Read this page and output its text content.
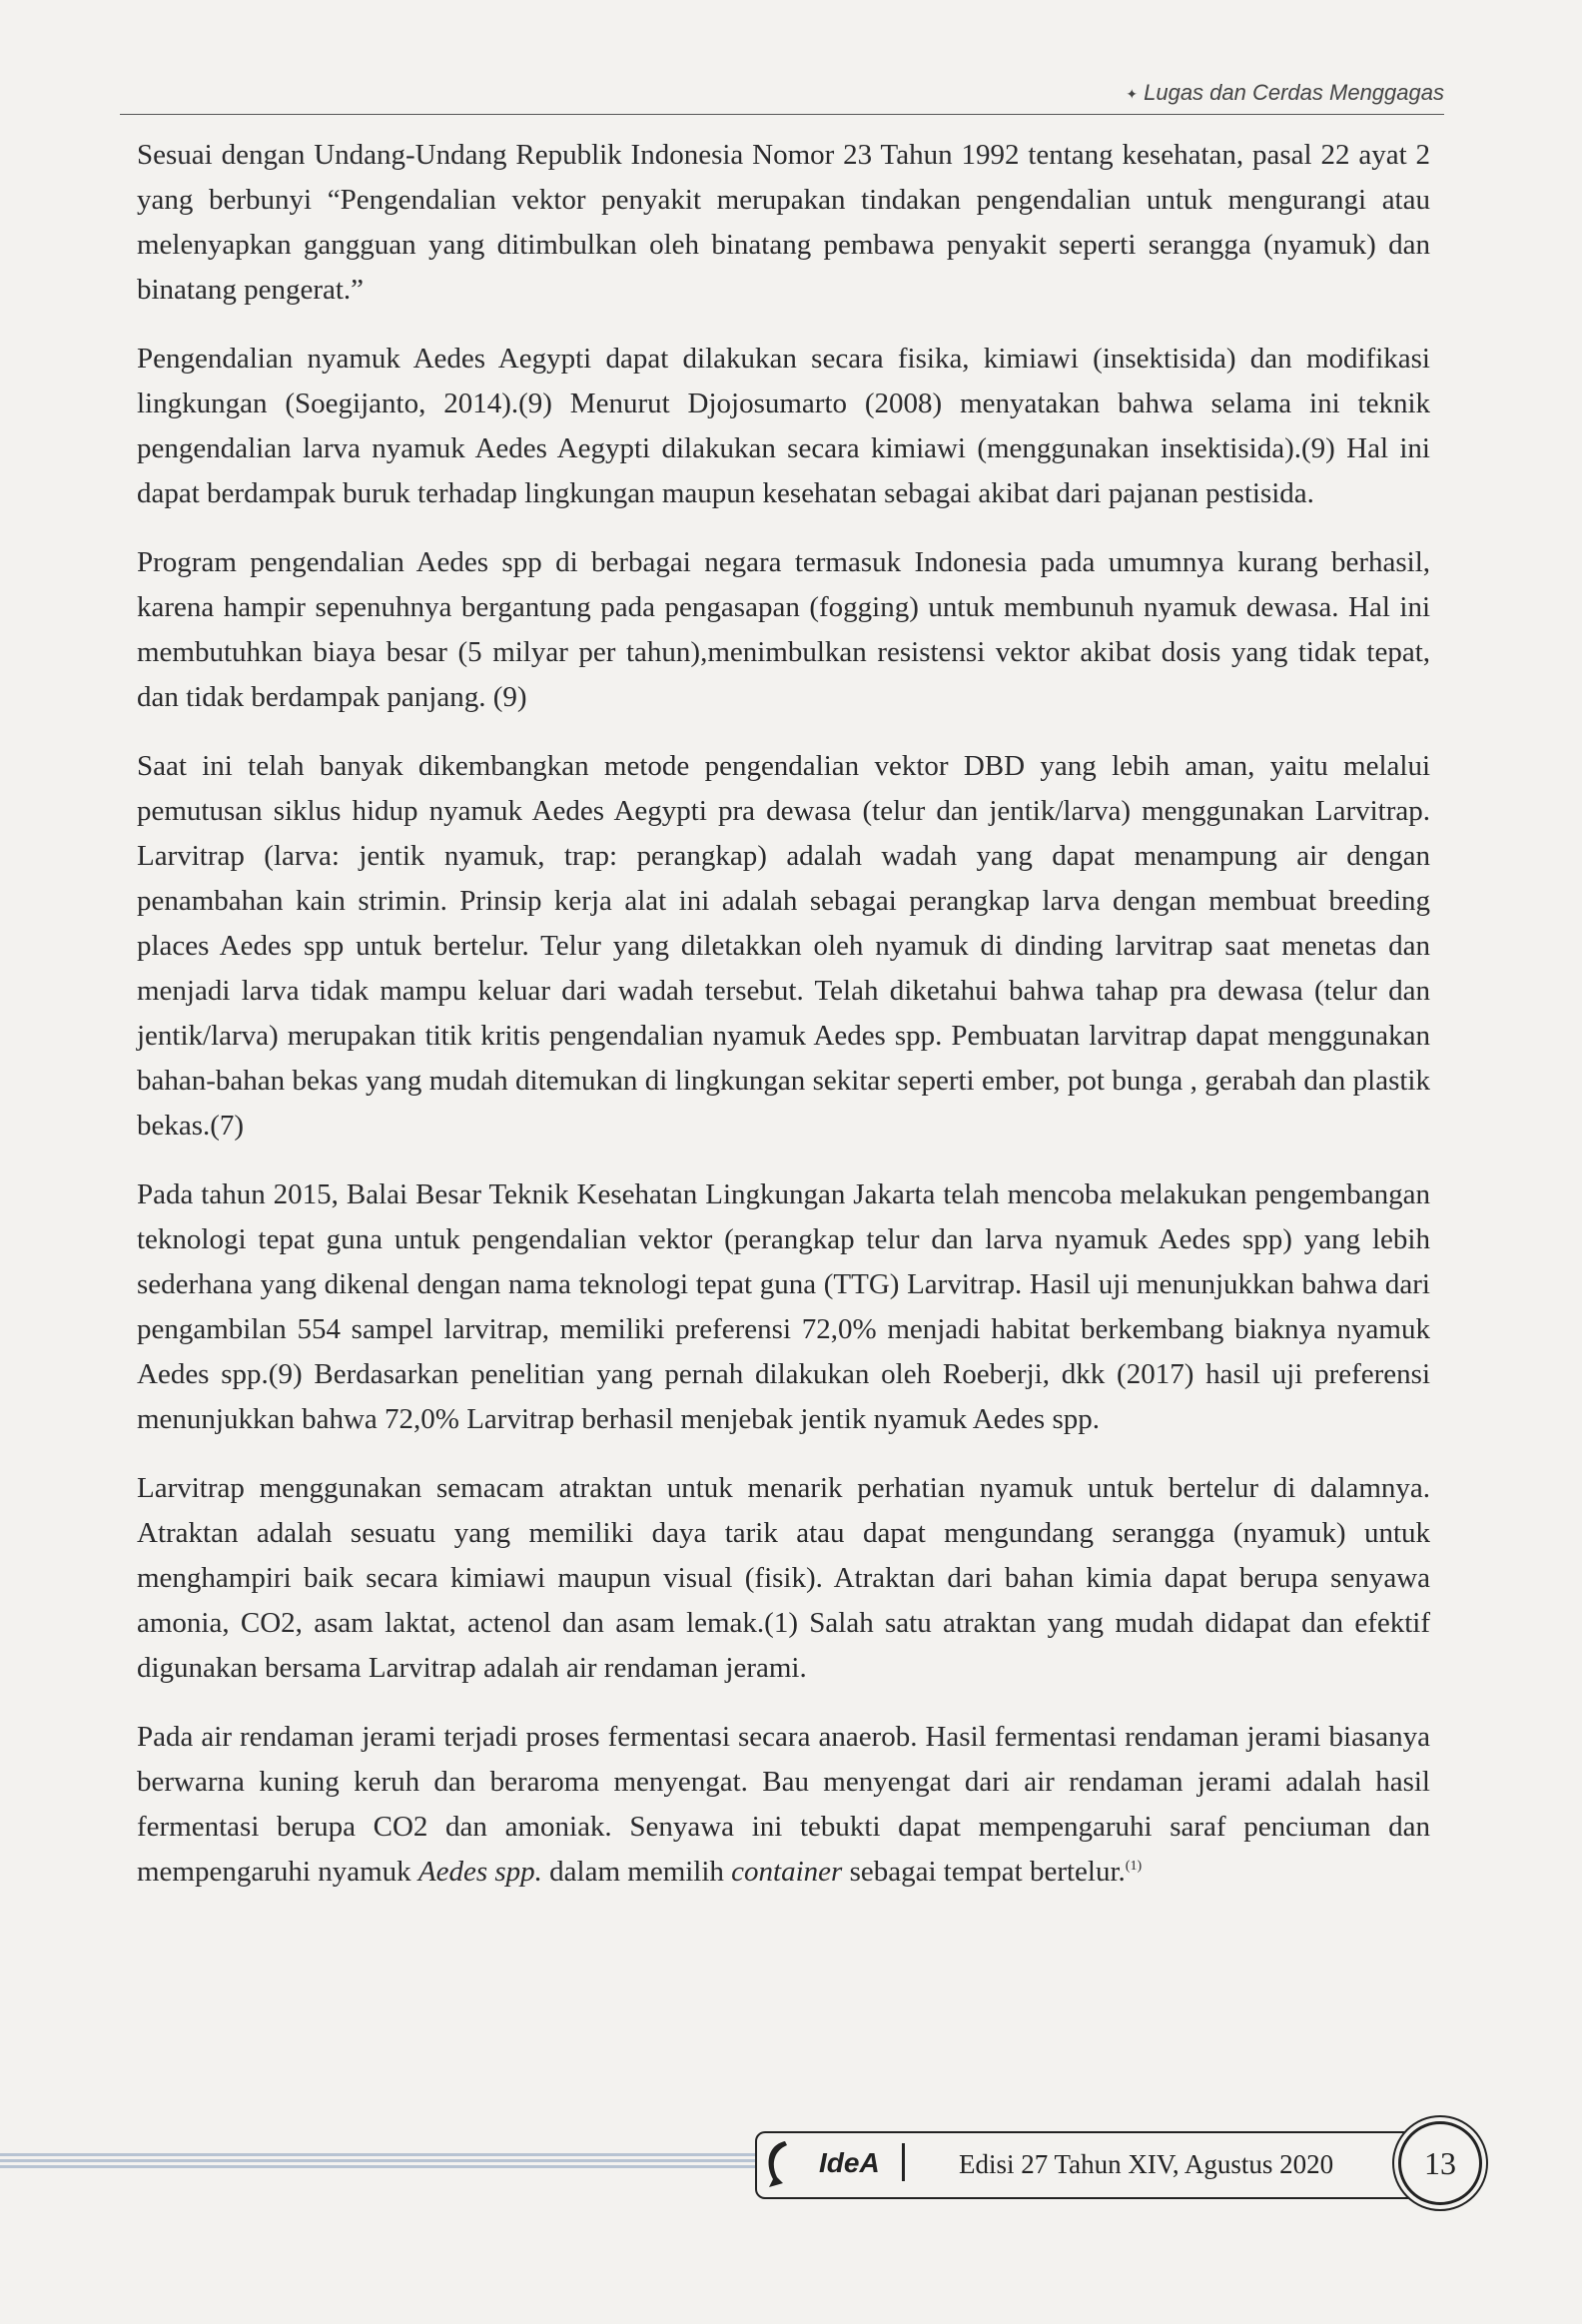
✦ Lugas dan Cerdas Menggagas

Sesuai dengan Undang-Undang Republik Indonesia Nomor 23 Tahun 1992 tentang kesehatan, pasal 22 ayat 2 yang berbunyi “Pengendalian vektor penyakit merupakan tindakan pengendalian untuk mengurangi atau melenyapkan gangguan yang ditimbulkan oleh binatang pembawa penyakit seperti serangga (nyamuk) dan binatang pengerat.”

Pengendalian nyamuk Aedes Aegypti dapat dilakukan secara fisika, kimiawi (insektisida) dan modifikasi lingkungan (Soegijanto, 2014).(9) Menurut Djojosumarto (2008) menyatakan bahwa selama ini teknik pengendalian larva nyamuk Aedes Aegypti dilakukan secara kimiawi (menggunakan insektisida).(9) Hal ini dapat berdampak buruk terhadap lingkungan maupun kesehatan sebagai akibat dari pajanan pestisida.

Program pengendalian Aedes spp di berbagai negara termasuk Indonesia pada umumnya kurang berhasil, karena hampir sepenuhnya bergantung pada pengasapan (fogging) untuk membunuh nyamuk dewasa. Hal ini membutuhkan biaya besar (5 milyar per tahun),menimbulkan resistensi vektor akibat dosis yang tidak tepat, dan tidak berdampak panjang. (9)

Saat ini telah banyak dikembangkan metode pengendalian vektor DBD yang lebih aman, yaitu melalui pemutusan siklus hidup nyamuk Aedes Aegypti pra dewasa (telur dan jentik/larva) menggunakan Larvitrap. Larvitrap (larva: jentik nyamuk, trap: perangkap) adalah wadah yang dapat menampung air dengan penambahan kain strimin. Prinsip kerja alat ini adalah sebagai perangkap larva dengan membuat breeding places Aedes spp untuk bertelur. Telur yang diletakkan oleh nyamuk di dinding larvitrap saat menetas dan menjadi larva tidak mampu keluar dari wadah tersebut. Telah diketahui bahwa tahap pra dewasa (telur dan jentik/larva) merupakan titik kritis pengendalian nyamuk Aedes spp. Pembuatan larvitrap dapat menggunakan bahan-bahan bekas yang mudah ditemukan di lingkungan sekitar seperti ember, pot bunga , gerabah dan plastik bekas.(7)

Pada tahun 2015, Balai Besar Teknik Kesehatan Lingkungan Jakarta telah mencoba melakukan pengembangan teknologi tepat guna untuk pengendalian vektor (perangkap telur dan larva nyamuk Aedes spp) yang lebih sederhana yang dikenal dengan nama teknologi tepat guna (TTG) Larvitrap. Hasil uji menunjukkan bahwa dari pengambilan 554 sampel larvitrap, memiliki preferensi 72,0% menjadi habitat berkembang biaknya nyamuk Aedes spp.(9) Berdasarkan penelitian yang pernah dilakukan oleh Roeberji, dkk (2017) hasil uji preferensi menunjukkan bahwa 72,0% Larvitrap berhasil menjebak jentik nyamuk Aedes spp.

Larvitrap menggunakan semacam atraktan untuk menarik perhatian nyamuk untuk bertelur di dalamnya. Atraktan adalah sesuatu yang memiliki daya tarik atau dapat mengundang serangga (nyamuk) untuk menghampiri baik secara kimiawi maupun visual (fisik). Atraktan dari bahan kimia dapat berupa senyawa amonia, CO2, asam laktat, actenol dan asam lemak.(1) Salah satu atraktan yang mudah didapat dan efektif digunakan bersama Larvitrap adalah air rendaman jerami.

Pada air rendaman jerami terjadi proses fermentasi secara anaerob. Hasil fermentasi rendaman jerami biasanya berwarna kuning keruh dan beraroma menyengat. Bau menyengat dari air rendaman jerami adalah hasil fermentasi berupa CO2 dan amoniak. Senyawa ini tebukti dapat mempengaruhi saraf penciuman dan mempengaruhi nyamuk Aedes spp. dalam memilih container sebagai tempat bertelur.$^{(1)}$

IdeA	Edisi 27 Tahun XIV, Agustus 2020	13
